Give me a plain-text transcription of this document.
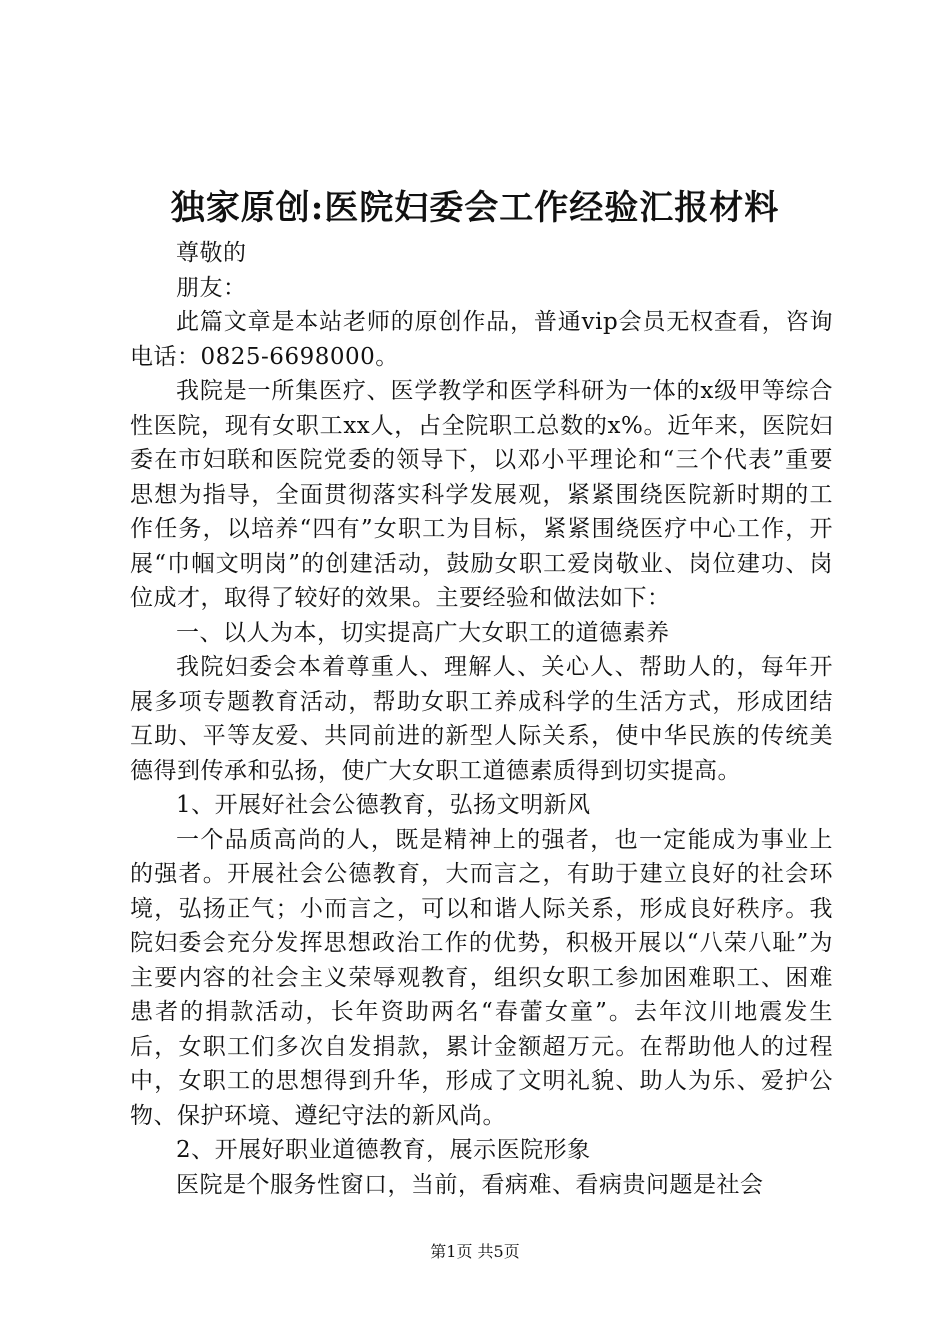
独家原创:医院妇委会工作经验汇报材料

尊敬的

朋友：

此篇文章是本站老师的原创作品，普通vip会员无权查看，咨询电话：0825-6698000。

我院是一所集医疗、医学教学和医学科研为一体的x级甲等综合性医院，现有女职工xx人，占全院职工总数的x%。近年来，医院妇委在市妇联和医院党委的领导下，以邓小平理论和“三个代表”重要思想为指导，全面贯彻落实科学发展观，紧紧围绕医院新时期的工作任务，以培养“四有”女职工为目标，紧紧围绕医疗中心工作，开展“巾帼文明岗”的创建活动，鼓励女职工爱岗敬业、岗位建功、岗位成才，取得了较好的效果。主要经验和做法如下：

一、以人为本，切实提高广大女职工的道德素养

我院妇委会本着尊重人、理解人、关心人、帮助人的，每年开展多项专题教育活动，帮助女职工养成科学的生活方式，形成团结互助、平等友爱、共同前进的新型人际关系，使中华民族的传统美德得到传承和弘扬，使广大女职工道德素质得到切实提高。

1、开展好社会公德教育，弘扬文明新风

一个品质高尚的人，既是精神上的强者，也一定能成为事业上的强者。开展社会公德教育，大而言之，有助于建立良好的社会环境，弘扬正气；小而言之，可以和谐人际关系，形成良好秩序。我院妇委会充分发挥思想政治工作的优势，积极开展以“八荣八耻”为主要内容的社会主义荣辱观教育，组织女职工参加困难职工、困难患者的捐款活动，长年资助两名“春蕾女童”。去年汶川地震发生后，女职工们多次自发捐款，累计金额超万元。在帮助他人的过程中，女职工的思想得到升华，形成了文明礼貌、助人为乐、爱护公物、保护环境、遵纪守法的新风尚。

2、开展好职业道德教育，展示医院形象

医院是个服务性窗口，当前，看病难、看病贵问题是社会

第1页 共5页
